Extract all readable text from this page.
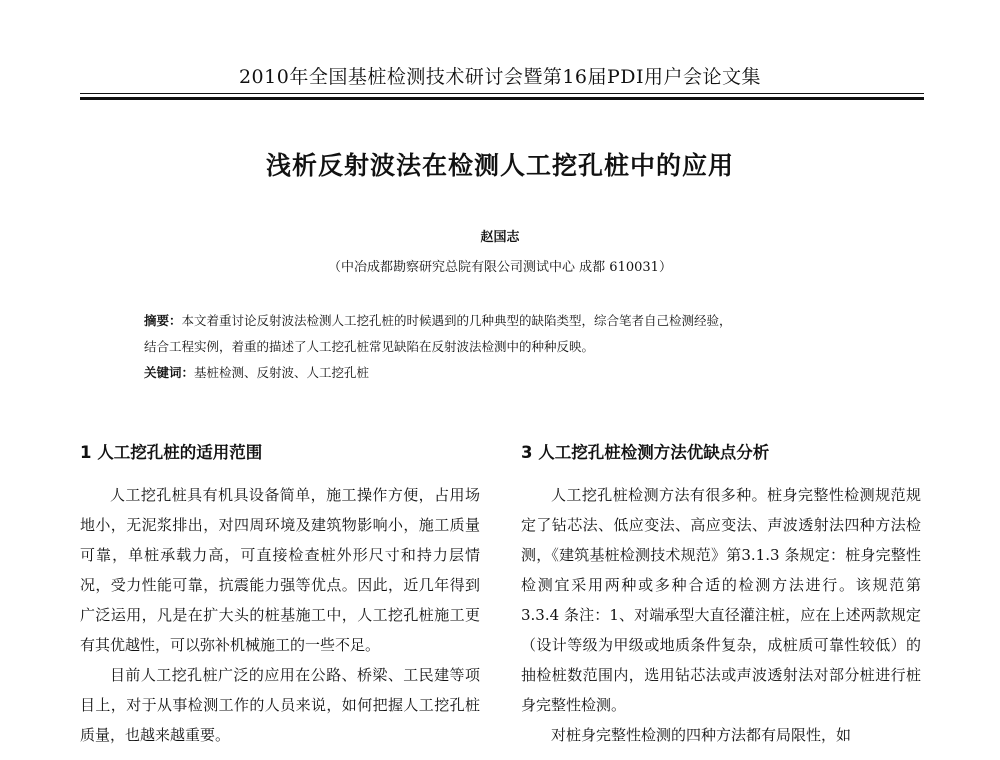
2010年全国基桩检测技术研讨会暨第16届PDI用户会论文集
浅析反射波法在检测人工挖孔桩中的应用
赵国志
（中冶成都勘察研究总院有限公司测试中心 成都 610031）
摘要：本文着重讨论反射波法检测人工挖孔桩的时候遇到的几种典型的缺陷类型，综合笔者自己检测经验，
结合工程实例，着重的描述了人工挖孔桩常见缺陷在反射波法检测中的种种反映。
关键词：基桩检测、反射波、人工挖孔桩
1 人工挖孔桩的适用范围

人工挖孔桩具有机具设备简单，施工操作方便，占用场地小，无泥浆排出，对四周环境及建筑物影响小，施工质量可靠，单桩承载力高，可直接检查桩外形尺寸和持力层情况，受力性能可靠，抗震能力强等优点。因此，近几年得到广泛运用，凡是在扩大头的桩基施工中，人工挖孔桩施工更有其优越性，可以弥补机械施工的一些不足。

目前人工挖孔桩广泛的应用在公路、桥梁、工民建等项目上，对于从事检测工作的人员来说，如何把握人工挖孔桩质量，也越来越重要。

3 人工挖孔桩检测方法优缺点分析

人工挖孔桩检测方法有很多种。桩身完整性检测规范规定了钻芯法、低应变法、高应变法、声波透射法四种方法检测，《建筑基桩检测技术规范》第3.1.3 条规定：桩身完整性检测宜采用两种或多种合适的检测方法进行。该规范第 3.3.4 条注：1、对端承型大直径灌注桩，应在上述两款规定（设计等级为甲级或地质条件复杂，成桩质可靠性较低）的抽检桩数范围内，选用钻芯法或声波透射法对部分桩进行桩身完整性检测。

对桩身完整性检测的四种方法都有局限性，如
